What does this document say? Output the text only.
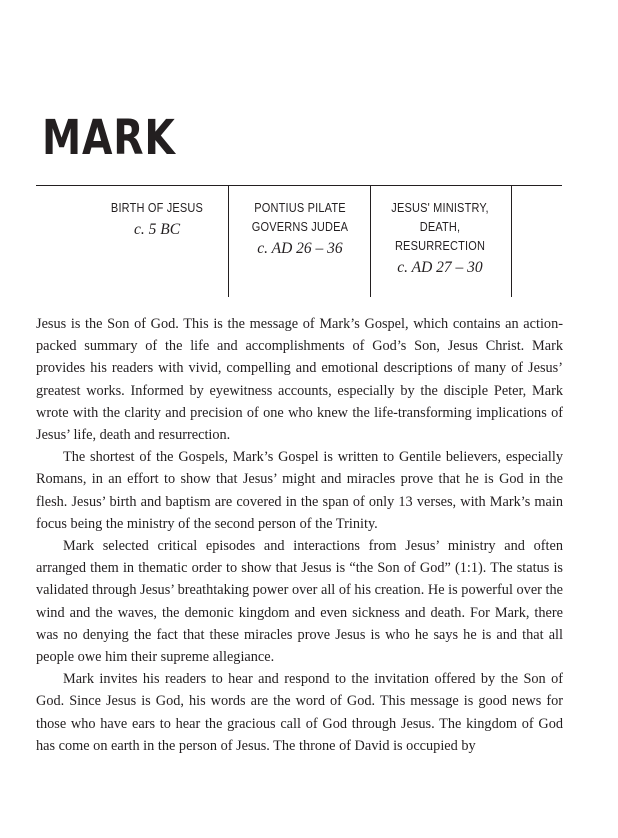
MARK
BIRTH OF JESUS
c. 5 BC
PONTIUS PILATE
GOVERNS JUDEA
c. AD 26 – 36
JESUS' MINISTRY,
DEATH,
RESURRECTION
c. AD 27 – 30

Jesus is the Son of God. This is the message of Mark’s Gospel, which contains an action-packed summary of the life and accomplishments of God’s Son, Jesus Christ. Mark provides his readers with vivid, compelling and emotional descriptions of many of Jesus’ greatest works. Informed by eyewitness accounts, especially by the disciple Peter, Mark wrote with the clarity and precision of one who knew the life-transforming implications of Jesus’ life, death and resurrection.

The shortest of the Gospels, Mark’s Gospel is written to Gentile believers, especially Romans, in an effort to show that Jesus’ might and miracles prove that he is God in the flesh. Jesus’ birth and baptism are covered in the span of only 13 verses, with Mark’s main focus being the ministry of the second person of the Trinity.

Mark selected critical episodes and interactions from Jesus’ ministry and often arranged them in thematic order to show that Jesus is “the Son of God” (1:1). The status is validated through Jesus’ breathtaking power over all of his creation. He is powerful over the wind and the waves, the demonic kingdom and even sickness and death. For Mark, there was no denying the fact that these miracles prove Jesus is who he says he is and that all people owe him their supreme allegiance.

Mark invites his readers to hear and respond to the invitation offered by the Son of God. Since Jesus is God, his words are the word of God. This message is good news for those who have ears to hear the gracious call of God through Jesus. The kingdom of God has come on earth in the person of Jesus. The throne of David is occupied by
